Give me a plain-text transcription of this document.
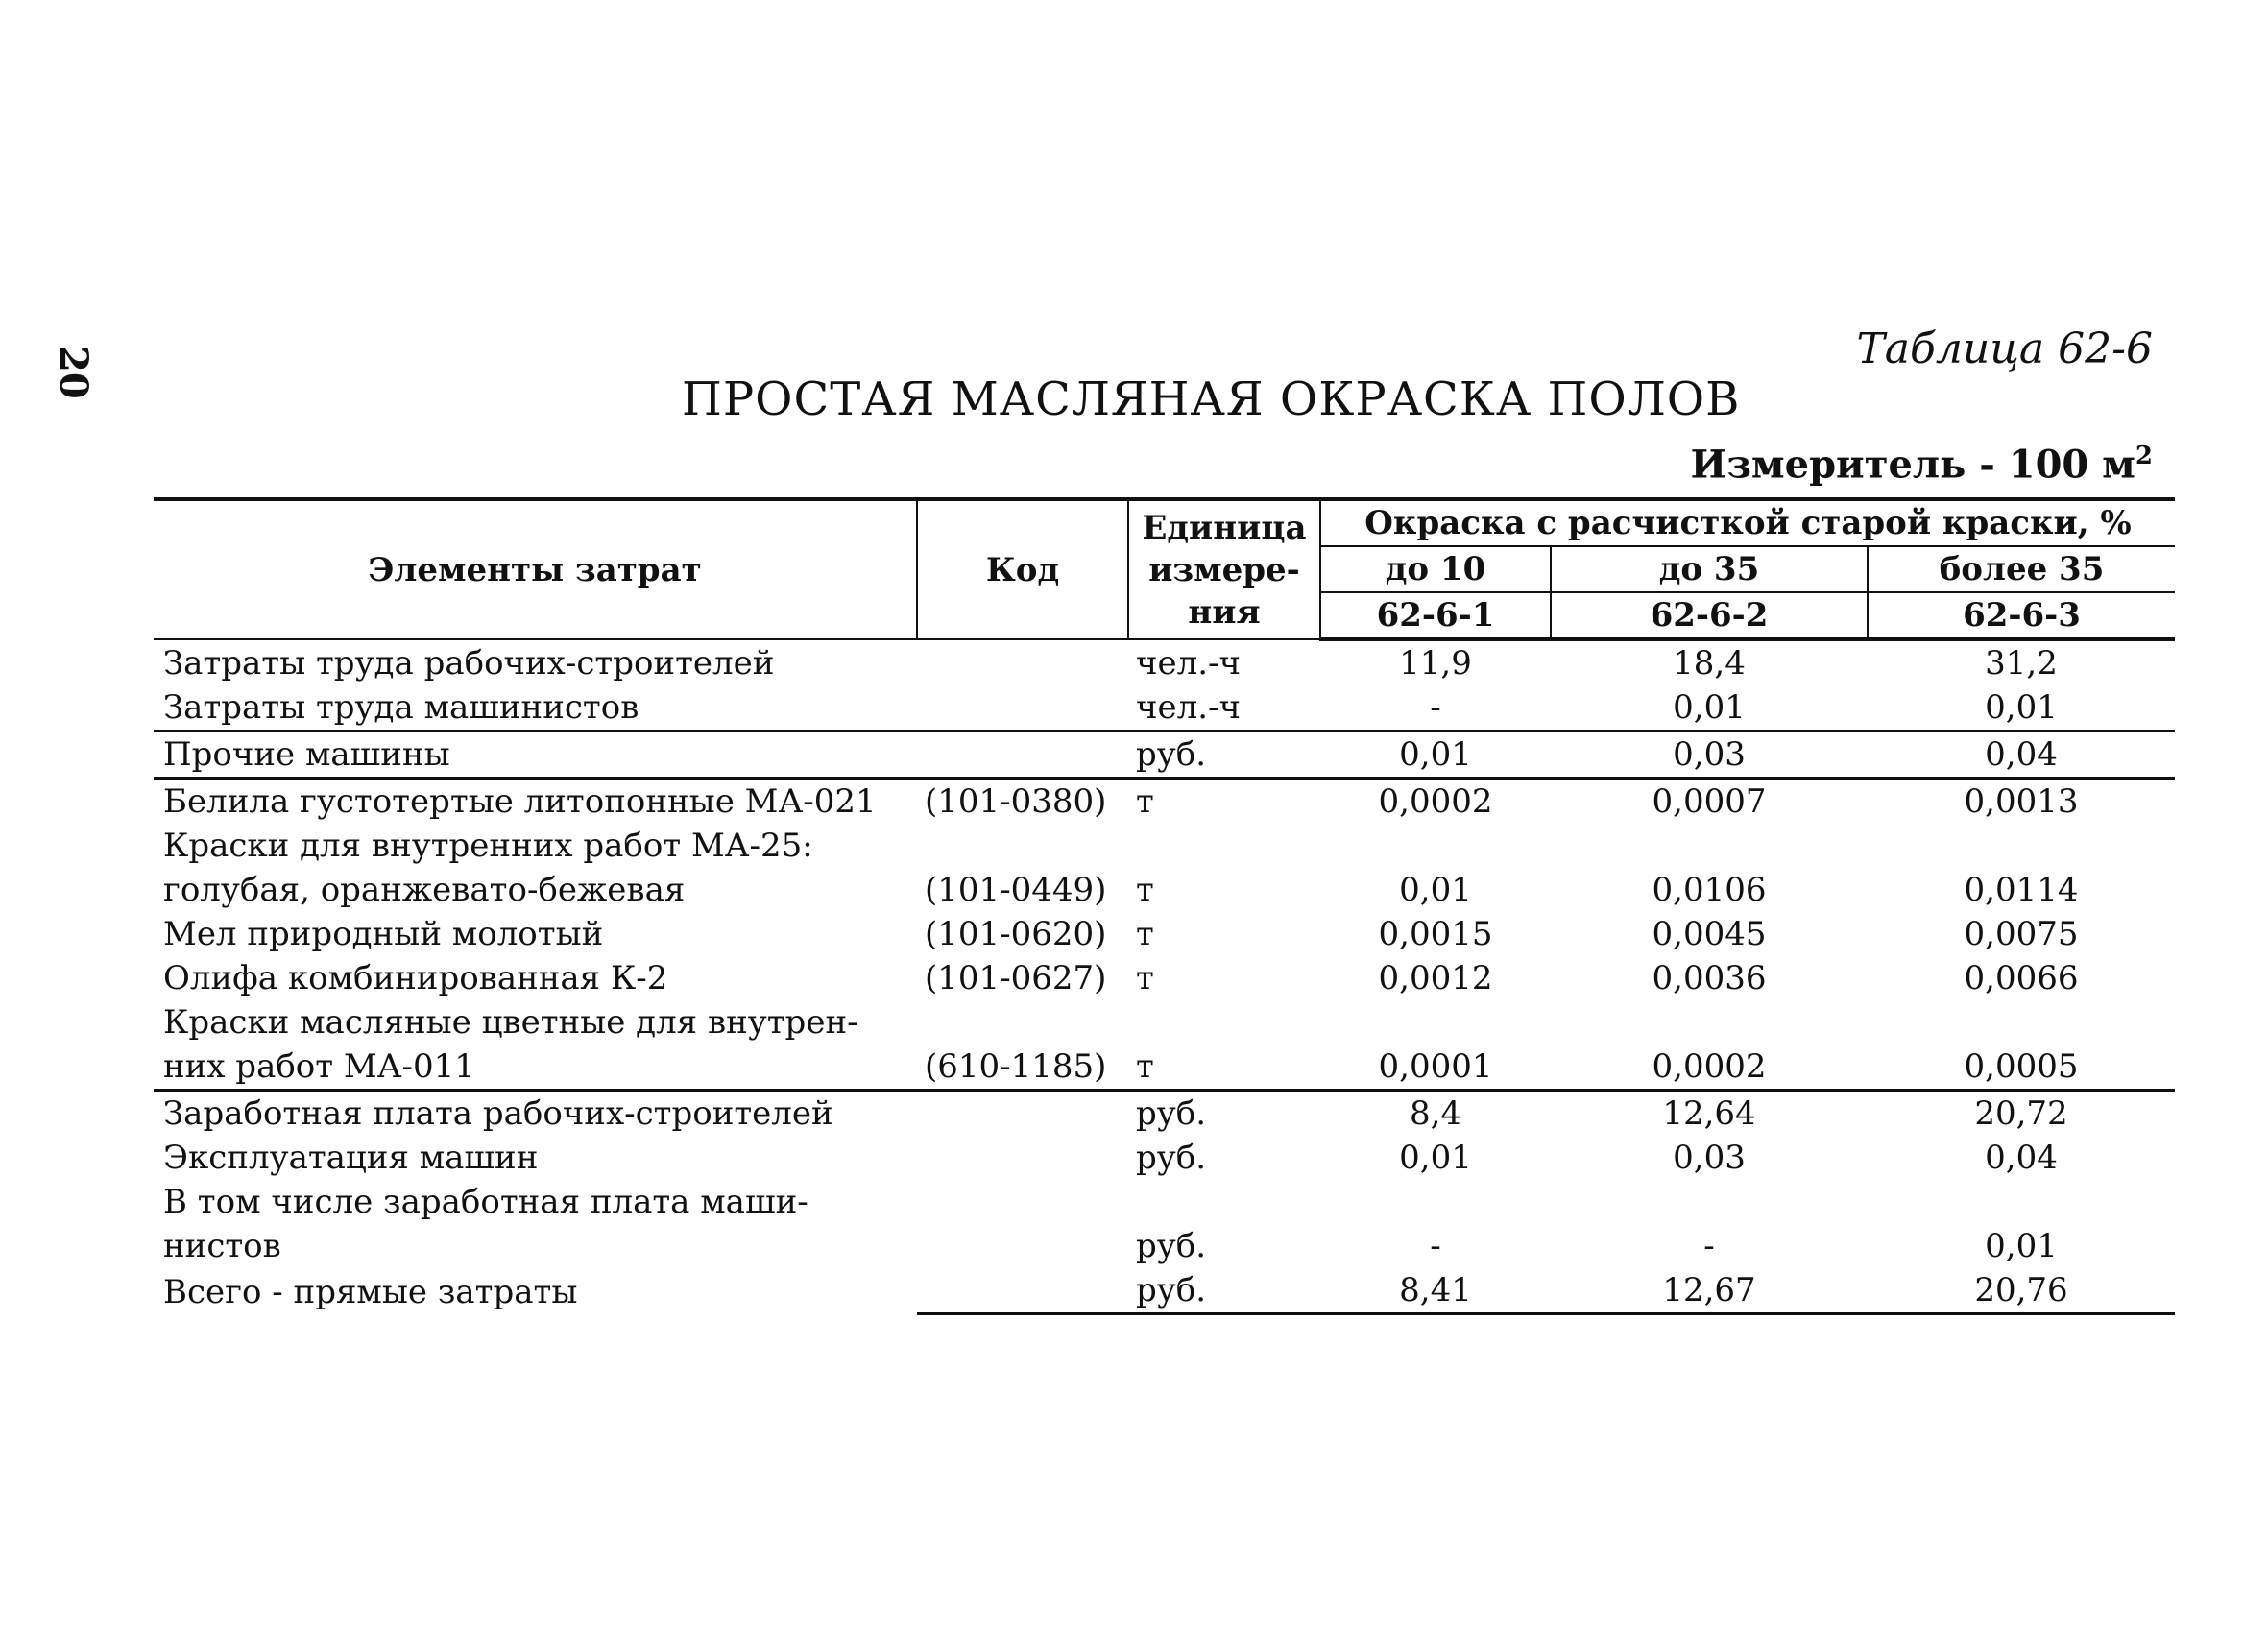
20	Таблица 62-6
ПРОСТАЯ МАСЛЯНАЯ ОКРАСКА ПОЛОВ
Измеритель - 100 $м^2$
Элементы затрат	Код	Единица
измере-
ния	Окраска с расчисткой старой краски, %		
			до 10	до 35	более 35
			62-6-1	62-6-2	62-6-3
Затраты труда рабочих-строителей		чел.-ч	11,9	18,4	31,2
Затраты труда машинистов		чел.-ч	-	0,01	0,01
Прочие машины		руб.	0,01	0,03	0,04
Белила густотертые литопонные МА-021	(101-0380)	т	0,0002	0,0007	0,0013
Краски для внутренних работ МА-25:					
голубая, оранжевато-бежевая	(101-0449)	т	0,01	0,0106	0,0114
Мел природный молотый	(101-0620)	т	0,0015	0,0045	0,0075
Олифа комбинированная К-2	(101-0627)	т	0,0012	0,0036	0,0066
Краски масляные цветные для внутрен-					
них работ МА-011	(610-1185)	т	0,0001	0,0002	0,0005
Заработная плата рабочих-строителей		руб.	8,4	12,64	20,72
Эксплуатация машин		руб.	0,01	0,03	0,04
В том числе заработная плата маши-					
нистов		руб.	-	-	0,01
Всего - прямые затраты		руб.	8,41	12,67	20,76
